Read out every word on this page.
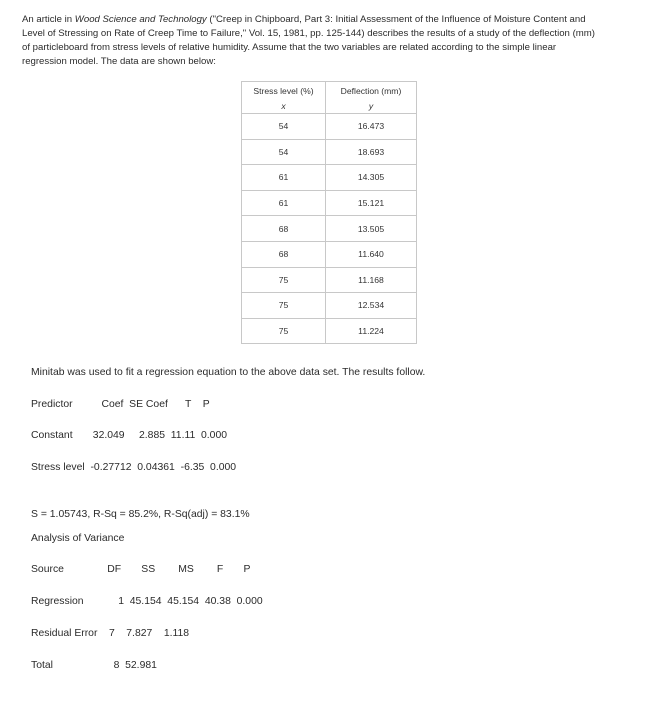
An article in Wood Science and Technology ("Creep in Chipboard, Part 3: Initial Assessment of the Influence of Moisture Content and
Level of Stressing on Rate of Creep Time to Failure," Vol. 15, 1981, pp. 125-144) describes the results of a study of the deflection (mm)
of particleboard from stress levels of relative humidity. Assume that the two variables are related according to the simple linear
regression model. The data are shown below:

Stress level (%)	Deflection (mm)
x	y
54	16.473
54	18.693
61	14.305
61	15.121
68	13.505
68	11.640
75	11.168
75	12.534
75	11.224

Minitab was used to fit a regression equation to the above data set. The results follow.

Predictor          Coef  SE Coef      T    P

Constant       32.049     2.885  11.11  0.000

Stress level  -0.27712  0.04361  -6.35  0.000

S = 1.05743, R-Sq = 85.2%, R-Sq(adj) = 83.1%

Analysis of Variance

Source               DF       SS        MS        F       P

Regression            1  45.154  45.154  40.38  0.000

Residual Error    7    7.827    1.118

Total                     8  52.981
